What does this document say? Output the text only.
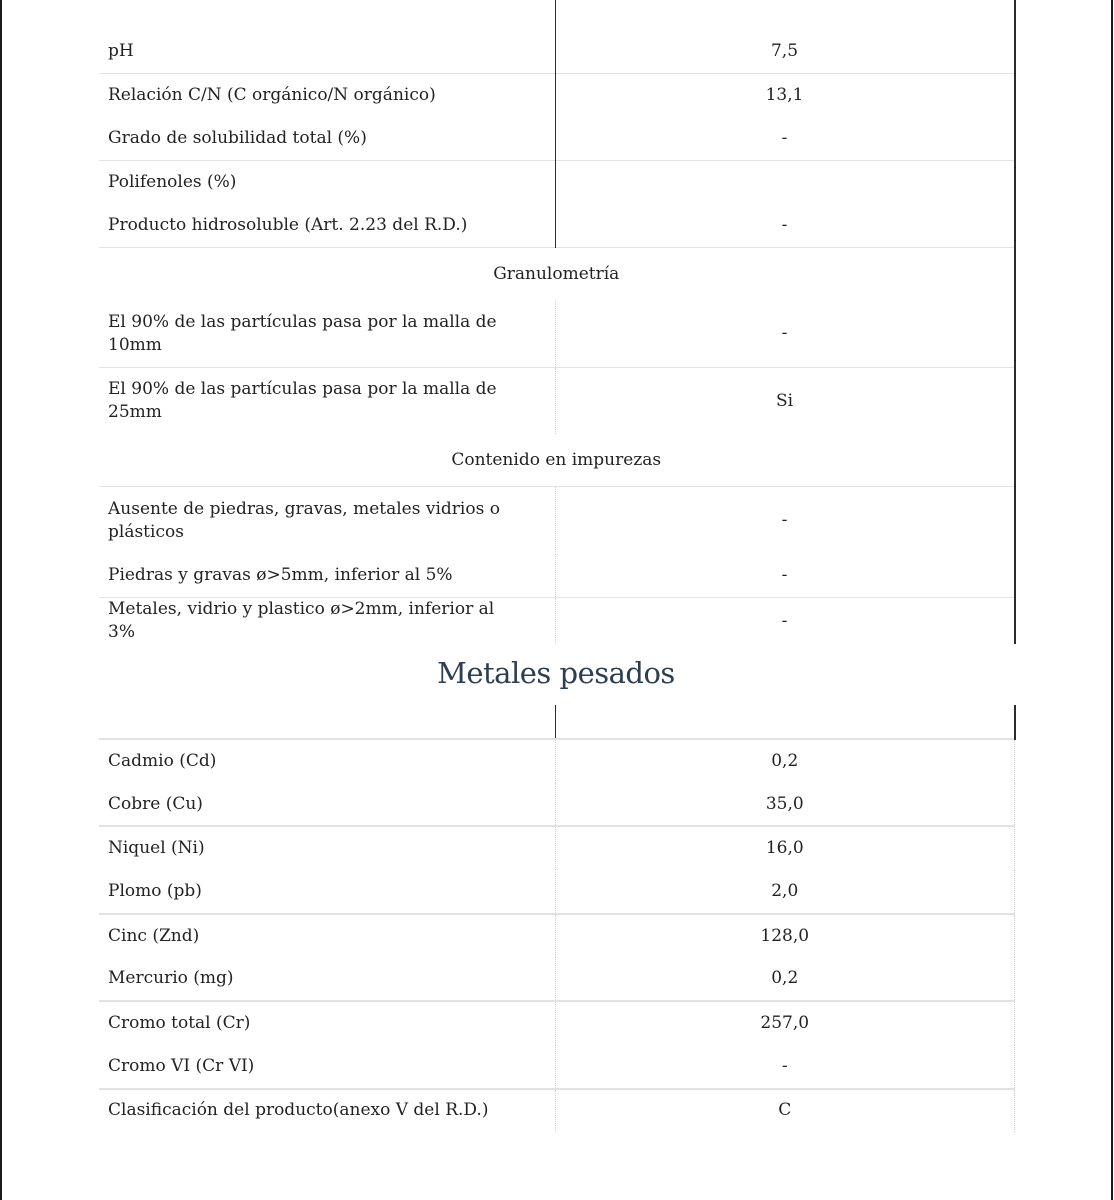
pH	7,5
Relación C/N (C orgánico/N orgánico)	13,1
Grado de solubilidad total (%)	-
Polifenoles (%)	
Producto hidrosoluble (Art. 2.23 del R.D.)	-
Granulometría	
El 90% de las partículas pasa por la malla de 10mm	-
El 90% de las partículas pasa por la malla de 25mm	Si
Contenido en impurezas	
Ausente de piedras, gravas, metales vidrios o plásticos	-
Piedras y gravas ø>5mm, inferior al 5%	-
Metales, vidrio y plastico ø>2mm, inferior al 3%	-
Metales pesados

Cadmio (Cd)	0,2
Cobre (Cu)	35,0
Niquel (Ni)	16,0
Plomo (pb)	2,0
Cinc (Znd)	128,0
Mercurio (mg)	0,2
Cromo total (Cr)	257,0
Cromo VI (Cr VI)	-
Clasificación del producto(anexo V del R.D.)	C
